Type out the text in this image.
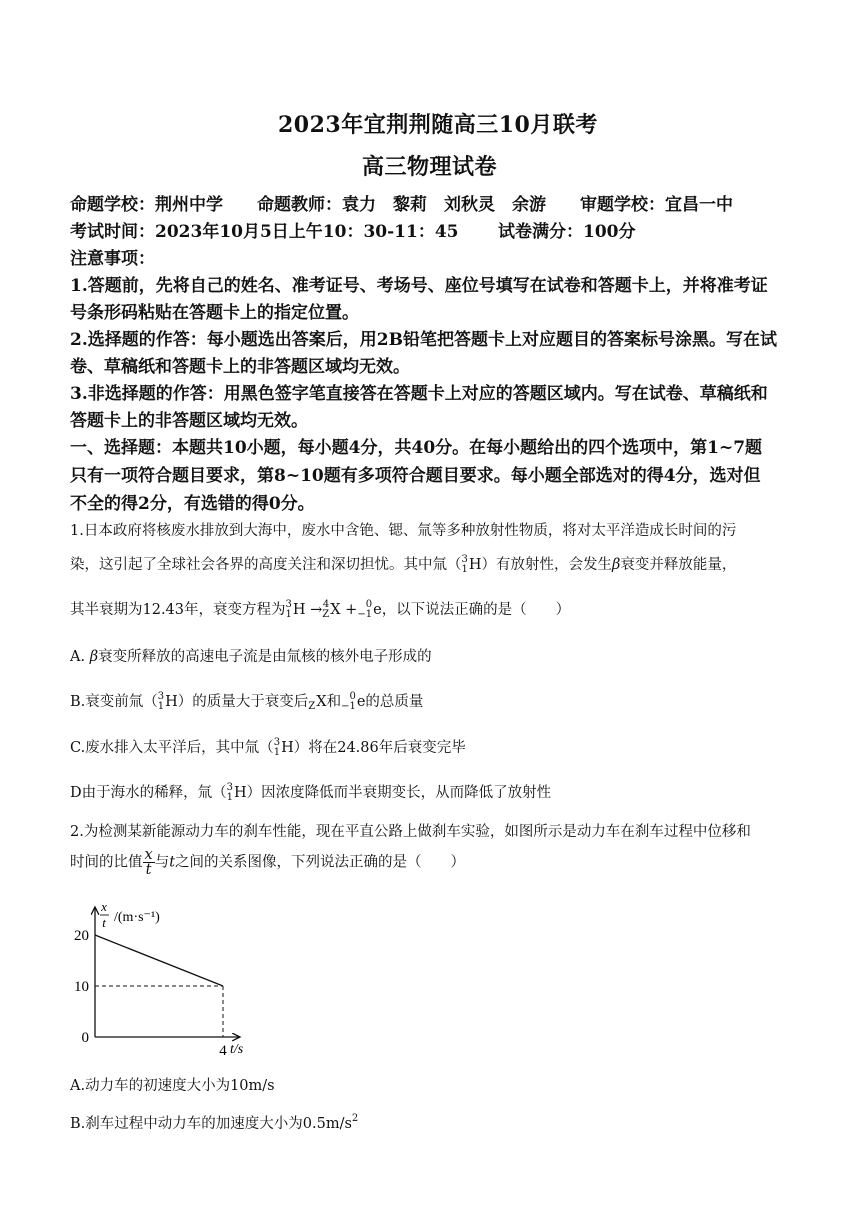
2023年宜荆荆随高三10月联考
高三物理试卷
命题学校：荆州中学　　命题教师：袁力　黎莉　刘秋灵　余游　　审题学校：宜昌一中
考试时间：2023年10月5日上午10：30-11：45 试卷满分：100分
注意事项：
1.答题前，先将自己的姓名、准考证号、考场号、座位号填写在试卷和答题卡上，并将准考证
号条形码粘贴在答题卡上的指定位置。
2.选择题的作答：每小题选出答案后，用2B铅笔把答题卡上对应题目的答案标号涂黑。写在试
卷、草稿纸和答题卡上的非答题区域均无效。
3.非选择题的作答：用黑色签字笔直接答在答题卡上对应的答题区域内。写在试卷、草稿纸和
答题卡上的非答题区域均无效。
一、选择题：本题共10小题，每小题4分，共40分。在每小题给出的四个选项中，第1~7题
只有一项符合题目要求，第8~10题有多项符合题目要求。每小题全部选对的得4分，选对但
不全的得2分，有选错的得0分。
1.日本政府将核废水排放到大海中，废水中含铯、锶、氚等多种放射性物质，将对太平洋造成长时间的污
染，这引起了全球社会各界的高度关注和深切担忧。其中氚（3
1H）有放射性，会发生β衰变并释放能量，
其半衰期为12.43年，衰变方程为3
1H →4
ZX + 0
−1e，以下说法正确的是（　　）
A. β衰变所释放的高速电子流是由氚核的核外电子形成的
B.衰变前氚（3
1H）的质量大于衰变后
ZX和 0
−1e的总质量
C.废水排入太平洋后，其中氚（3
1H）将在24.86年后衰变完毕
D由于海水的稀释，氚（3
1H）因浓度降低而半衰期变长，从而降低了放射性
2.为检测某新能源动力车的刹车性能，现在平直公路上做刹车实验，如图所示是动力车在刹车过程中位移和
时间的比值 $\frac{x}{t}$ 与t之间的关系图像，下列说法正确的是（　　）
x
t /(m·s⁻¹)
t/s
20
10
0
4
A.动力车的初速度大小为10m/s
B.刹车过程中动力车的加速度大小为$0.5m/s^2$
